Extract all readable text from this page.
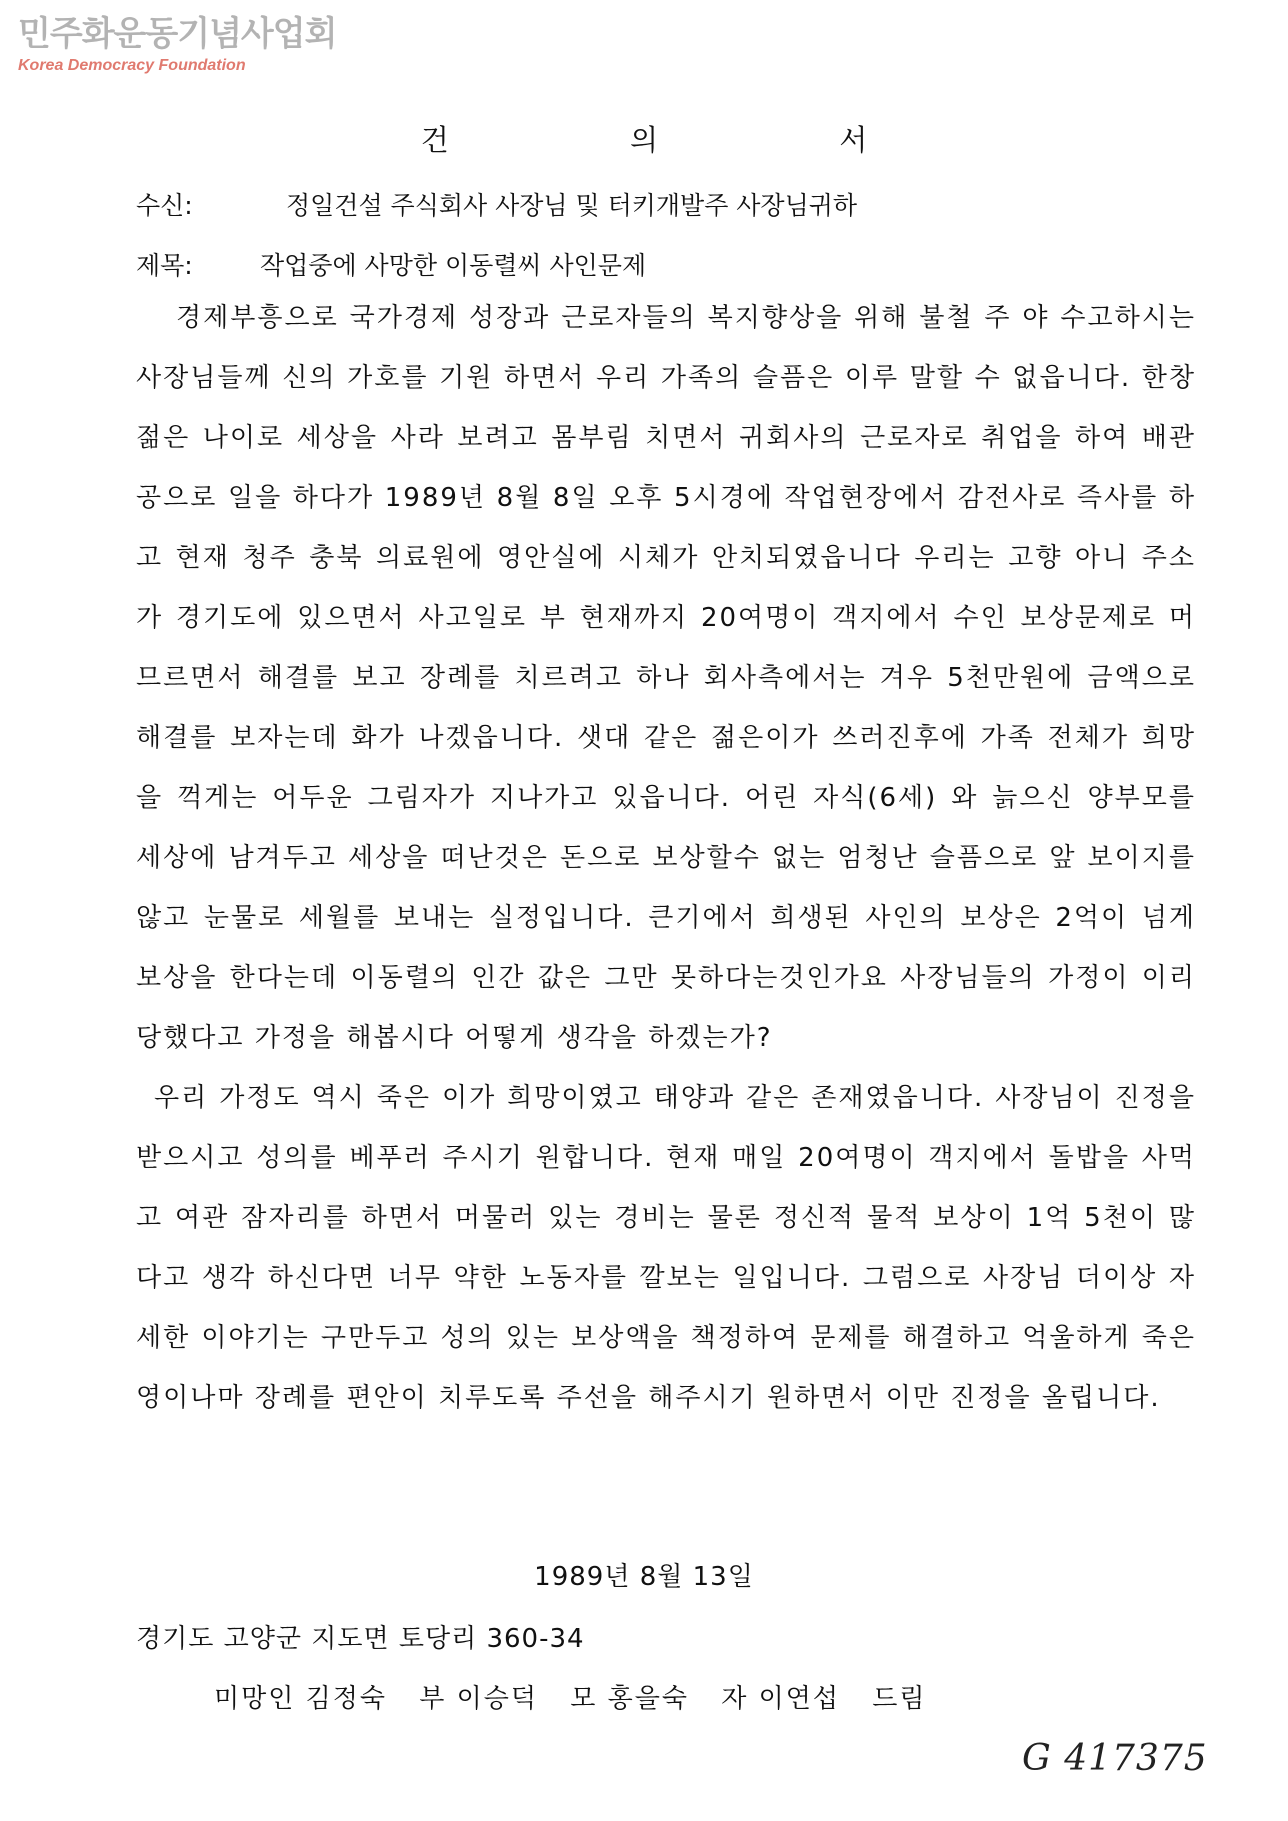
민주화운동기념사업회
Korea Democracy Foundation
건 의 서
수신:	정일건설 주식회사 사장님 및 터키개발주 사장님귀하
제목:	작업중에 사망한 이동렬씨 사인문제

경제부흥으로 국가경제 성장과 근로자들의 복지향상을 위해 불철 주 야 수고하시는 사장님들께 신의 가호를 기원 하면서 우리 가족의 슬픔은 이루 말할 수 없읍니다. 한창 젊은 나이로 세상을 사라 보려고 몸부림 치면서 귀회사의 근로자로 취업을 하여 배관공으로 일을 하다가 1989년 8월 8일 오후 5시경에 작업현장에서 감전사로 즉사를 하고 현재 청주 충북 의료원에 영안실에 시체가 안치되였읍니다 우리는 고향 아니 주소가 경기도에 있으면서 사고일로 부 현재까지 20여명이 객지에서 수인 보상문제로 머므르면서 해결를 보고 장례를 치르려고 하나 회사측에서는 겨우 5천만원에 금액으로 해결를 보자는데 화가 나겠읍니다. 샛대 같은 젊은이가 쓰러진후에 가족 전체가 희망을 꺽게는 어두운 그림자가 지나가고 있읍니다. 어린 자식(6세) 와 늙으신 양부모를 세상에 남겨두고 세상을 떠난것은 돈으로 보상할수 없는 엄청난 슬픔으로 앞 보이지를 않고 눈물로 세월를 보내는 실정입니다. 큰기에서 희생된 사인의 보상은 2억이 넘게 보상을 한다는데 이동렬의 인간 값은 그만 못하다는것인가요 사장님들의 가정이 이리 당했다고 가정을 해봅시다 어떻게 생각을 하겠는가?

우리 가정도 역시 죽은 이가 희망이였고 태양과 같은 존재였읍니다. 사장님이 진정을 받으시고 성의를 베푸러 주시기 원합니다. 현재 매일 20여명이 객지에서 돌밥을 사먹고 여관 잠자리를 하면서 머물러 있는 경비는 물론 정신적 물적 보상이 1억 5천이 많다고 생각 하신다면 너무 약한 노동자를 깔보는 일입니다. 그럼으로 사장님 더이상 자세한 이야기는 구만두고 성의 있는 보상액을 책정하여 문제를 해결하고 억울하게 죽은 영이나마 장례를 편안이 치루도록 주선을 해주시기 원하면서 이만 진정을 올립니다.

1989년 8월 13일
경기도 고양군 지도면 토당리 360-34
미망인 김정숙 부 이승덕 모 홍을숙 자 이연섭 드림
G 417375
